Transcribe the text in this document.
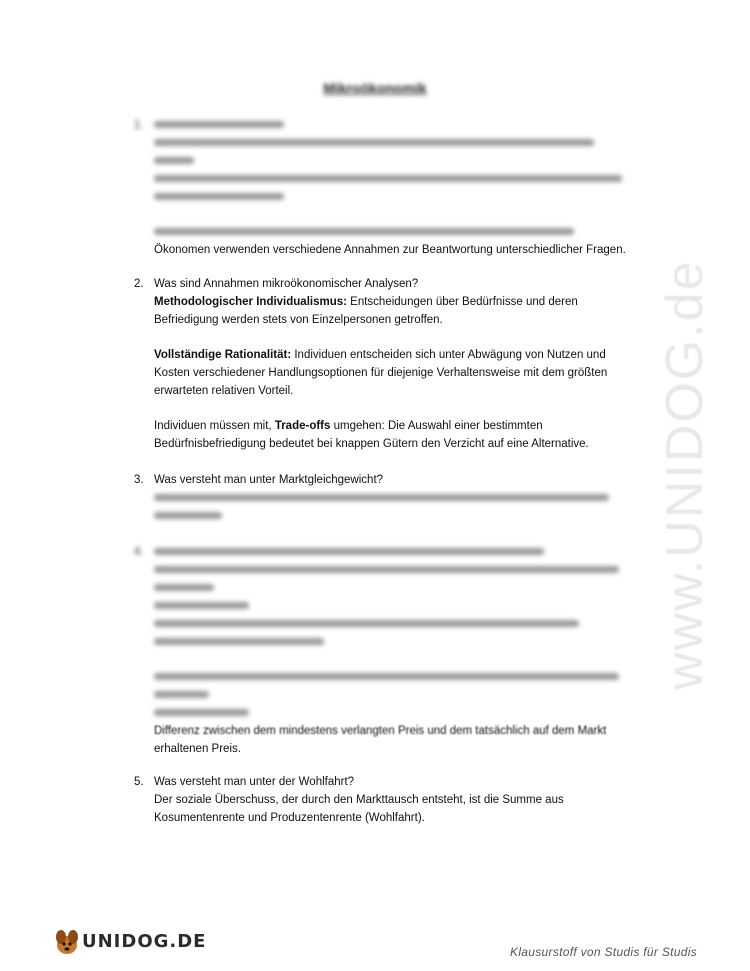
Mikroökonomik
1.
Ökonomen verwenden verschiedene Annahmen zur Beantwortung unterschiedlicher Fragen.
2. Was sind Annahmen mikroökonomischer Analysen?
Methodologischer Individualismus: Entscheidungen über Bedürfnisse und deren
Befriedigung werden stets von Einzelpersonen getroffen.
Vollständige Rationalität: Individuen entscheiden sich unter Abwägung von Nutzen und
Kosten verschiedener Handlungsoptionen für diejenige Verhaltensweise mit dem größten
erwarteten relativen Vorteil.
Individuen müssen mit, Trade-offs umgehen: Die Auswahl einer bestimmten
Bedürfnisbefriedigung bedeutet bei knappen Gütern den Verzicht auf eine Alternative.
3. Was versteht man unter Marktgleichgewicht?
4.
Differenz zwischen dem mindestens verlangten Preis und dem tatsächlich auf dem Markt
erhaltenen Preis.
5. Was versteht man unter der Wohlfahrt?
Der soziale Überschuss, der durch den Markttausch entsteht, ist die Summe aus
Kosumentenrente und Produzentenrente (Wohlfahrt).
www.UNIDOG.de
UNIDOG.DE	Klausurstoff von Studis für Studis
